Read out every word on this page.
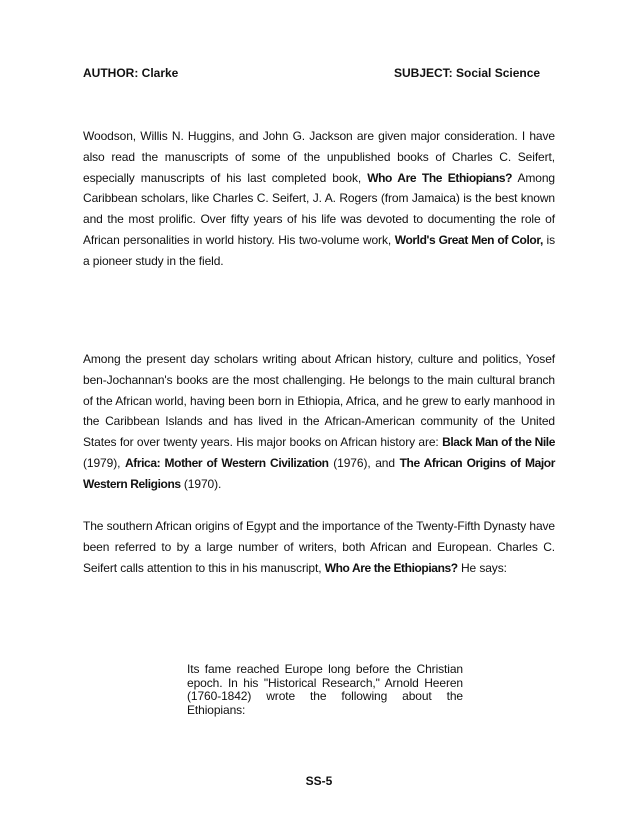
AUTHOR: Clarke	SUBJECT: Social Science
Woodson, Willis N. Huggins, and John G. Jackson are given major consideration. I have also read the manuscripts of some of the unpublished books of Charles C. Seifert, especially manuscripts of his last completed book, Who Are The Ethiopians? Among Caribbean scholars, like Charles C. Seifert, J. A. Rogers (from Jamaica) is the best known and the most prolific. Over fifty years of his life was devoted to documenting the role of African personalities in world history. His two-volume work, World's Great Men of Color, is a pioneer study in the field.
Among the present day scholars writing about African history, culture and politics, Yosef ben-Jochannan's books are the most challenging. He belongs to the main cultural branch of the African world, having been born in Ethiopia, Africa, and he grew to early manhood in the Caribbean Islands and has lived in the African-American community of the United States for over twenty years. His major books on African history are: Black Man of the Nile (1979), Africa: Mother of Western Civilization (1976), and The African Origins of Major Western Religions (1970).
The southern African origins of Egypt and the importance of the Twenty-Fifth Dynasty have been referred to by a large number of writers, both African and European. Charles C. Seifert calls attention to this in his manuscript, Who Are the Ethiopians? He says:
Its fame reached Europe long before the Christian epoch. In his "Historical Research," Arnold Heeren (1760-1842) wrote the following about the Ethiopians:
SS-5
